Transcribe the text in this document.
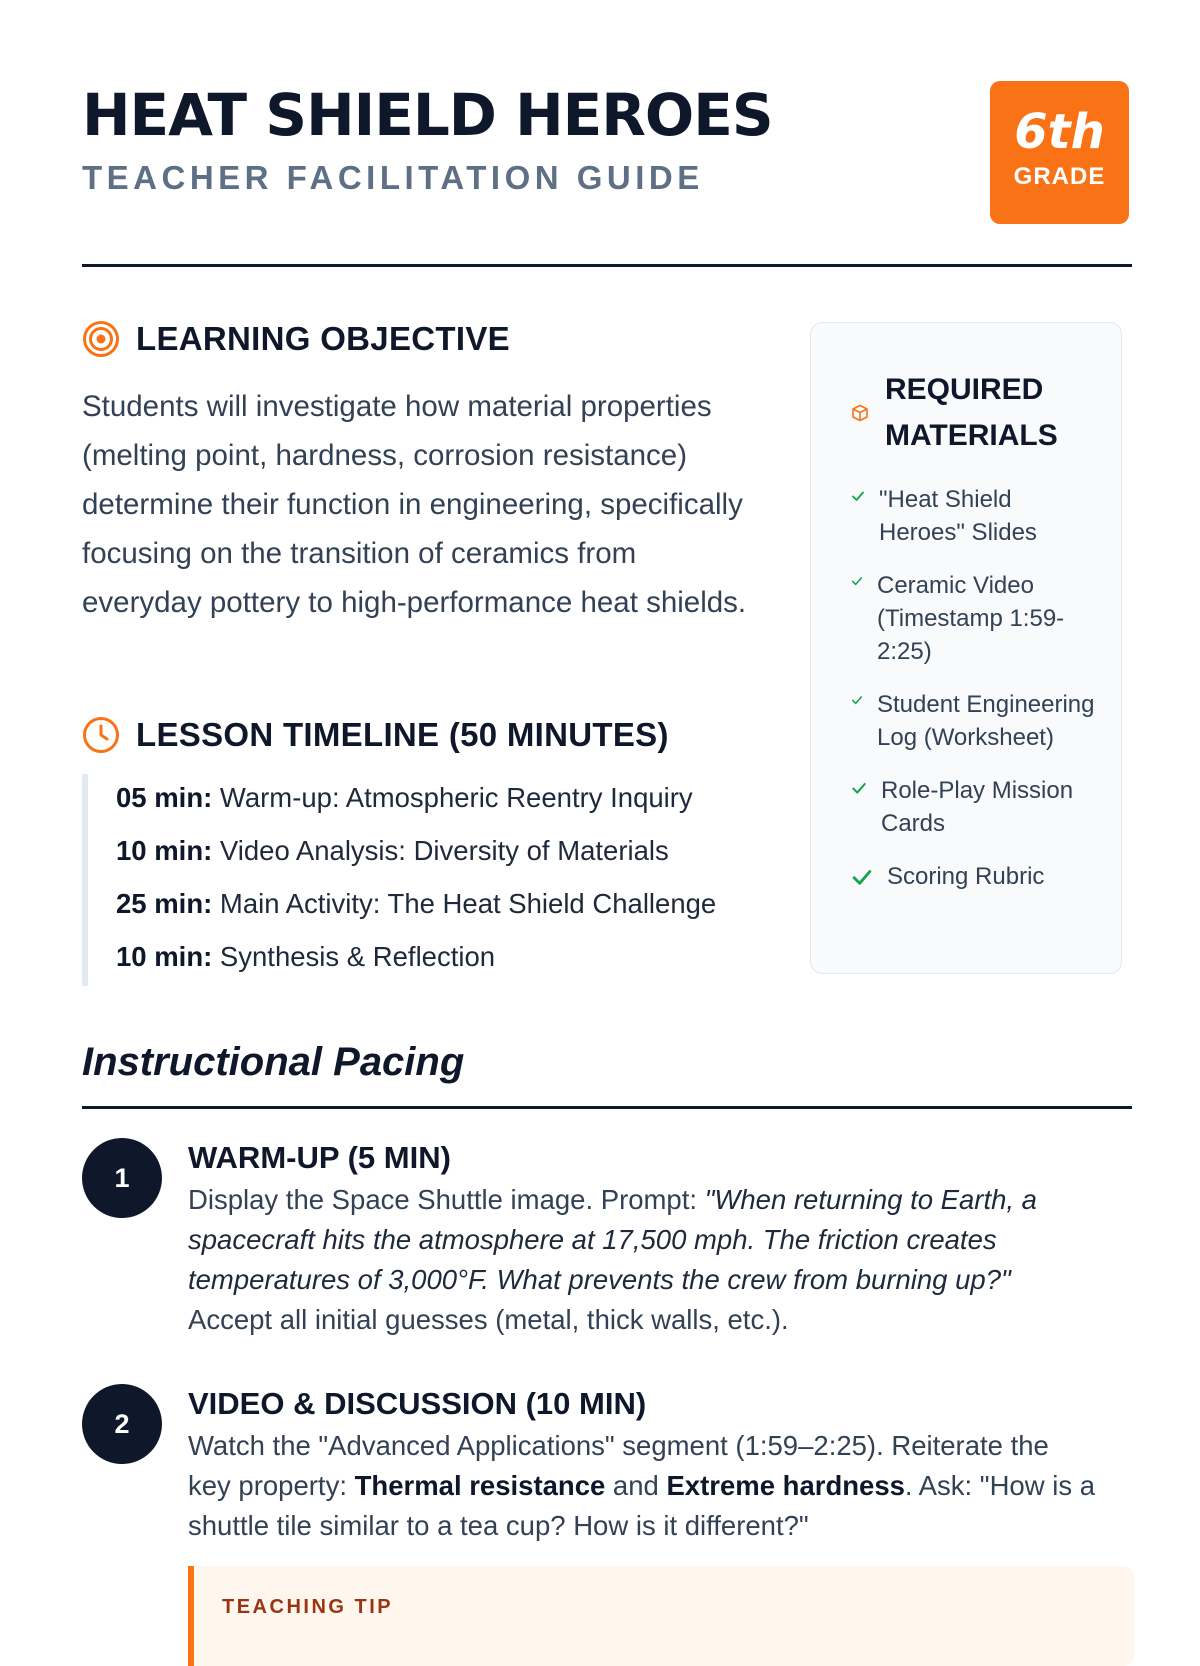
HEAT SHIELD HEROES
TEACHER FACILITATION GUIDE
6th
GRADE
LEARNING OBJECTIVE

Students will investigate how material properties (melting point, hardness, corrosion resistance) determine their function in engineering, specifically focusing on the transition of ceramics from everyday pottery to high-performance heat shields.

LESSON TIMELINE (50 MINUTES)
05 min: Warm-up: Atmospheric Reentry Inquiry
10 min: Video Analysis: Diversity of Materials
25 min: Main Activity: The Heat Shield Challenge
10 min: Synthesis & Reflection
REQUIRED MATERIALS
"Heat Shield Heroes" Slides
Ceramic Video (Timestamp 1:59-2:25)
Student Engineering Log (Worksheet)
Role-Play Mission Cards
Scoring Rubric
Instructional Pacing
1
WARM-UP (5 MIN)

Display the Space Shuttle image. Prompt: "When returning to Earth, a spacecraft hits the atmosphere at 17,500 mph. The friction creates temperatures of 3,000°F. What prevents the crew from burning up?" Accept all initial guesses (metal, thick walls, etc.).

2
VIDEO & DISCUSSION (10 MIN)

Watch the "Advanced Applications" segment (1:59–2:25). Reiterate the key property: Thermal resistance and Extreme hardness. Ask: "How is a shuttle tile similar to a tea cup? How is it different?"

TEACHING TIP
